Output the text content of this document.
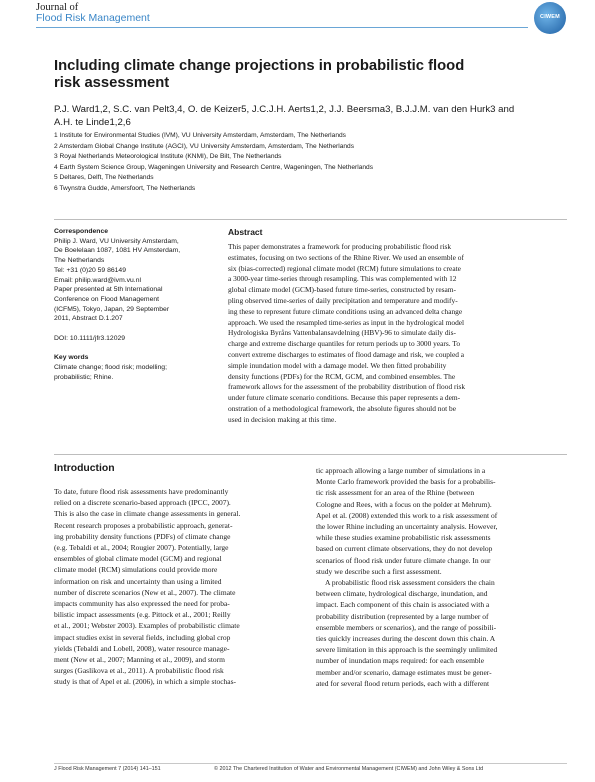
Journal of
Flood Risk Management	CIWEM
Including climate change projections in probabilistic flood
risk assessment
P.J. Ward1,2, S.C. van Pelt3,4, O. de Keizer5, J.C.J.H. Aerts1,2, J.J. Beersma3, B.J.J.M. van den Hurk3 and
A.H. te Linde1,2,6
1 Institute for Environmental Studies (IVM), VU University Amsterdam, Amsterdam, The Netherlands
2 Amsterdam Global Change Institute (AGCI), VU University Amsterdam, Amsterdam, The Netherlands
3 Royal Netherlands Meteorological Institute (KNMI), De Bilt, The Netherlands
4 Earth System Science Group, Wageningen University and Research Centre, Wageningen, The Netherlands
5 Deltares, Delft, The Netherlands
6 Twynstra Gudde, Amersfoort, The Netherlands
Correspondence
Philip J. Ward, VU University Amsterdam,
De Boelelaan 1087, 1081 HV Amsterdam,
The Netherlands
Tel: +31 (0)20 59 86149
Email: philip.ward@ivm.vu.nl
Paper presented at 5th International
Conference on Flood Management
(ICFM5), Tokyo, Japan, 29 September
2011, Abstract D.1.207
DOI: 10.1111/jfr3.12029
Key words
Climate change; flood risk; modelling;
probabilistic; Rhine.
Abstract
This paper demonstrates a framework for producing probabilistic flood risk
estimates, focusing on two sections of the Rhine River. We used an ensemble of
six (bias-corrected) regional climate model (RCM) future simulations to create
a 3000-year time-series through resampling. This was complemented with 12
global climate model (GCM)-based future time-series, constructed by resam-
pling observed time-series of daily precipitation and temperature and modify-
ing these to represent future climate conditions using an advanced delta change
approach. We used the resampled time-series as input in the hydrological model
Hydrologiska Byråns Vattenbalansavdelning (HBV)-96 to simulate daily dis-
charge and extreme discharge quantiles for return periods up to 3000 years. To
convert extreme discharges to estimates of flood damage and risk, we coupled a
simple inundation model with a damage model. We then fitted probability
density functions (PDFs) for the RCM, GCM, and combined ensembles. The
framework allows for the assessment of the probability distribution of flood risk
under future climate scenario conditions. Because this paper represents a dem-
onstration of a methodological framework, the absolute figures should not be
used in decision making at this time.
Introduction
To date, future flood risk assessments have predominantly
relied on a discrete scenario-based approach (IPCC, 2007).
This is also the case in climate change assessments in general.
Recent research proposes a probabilistic approach, generat-
ing probability density functions (PDFs) of climate change
(e.g. Tebaldi et al., 2004; Rougier 2007). Potentially, large
ensembles of global climate model (GCM) and regional
climate model (RCM) simulations could provide more
information on risk and uncertainty than using a limited
number of discrete scenarios (New et al., 2007). The climate
impacts community has also expressed the need for proba-
bilistic impact assessments (e.g. Pittock et al., 2001; Reilly
et al., 2001; Webster 2003). Examples of probabilistic climate
impact studies exist in several fields, including global crop
yields (Tebaldi and Lobell, 2008), water resource manage-
ment (New et al., 2007; Manning et al., 2009), and storm
surges (Gaslikova et al., 2011). A probabilistic flood risk
study is that of Apel et al. (2006), in which a simple stochas-
tic approach allowing a large number of simulations in a
Monte Carlo framework provided the basis for a probabilis-
tic risk assessment for an area of the Rhine (between
Cologne and Rees, with a focus on the polder at Mehrum).
Apel et al. (2008) extended this work to a risk assessment of
the lower Rhine including an uncertainty analysis. However,
while these studies examine probabilistic risk assessments
based on current climate observations, they do not develop
scenarios of flood risk under future climate change. In our
study we describe such a first assessment.
A probabilistic flood risk assessment considers the chain
between climate, hydrological discharge, inundation, and
impact. Each component of this chain is associated with a
probability distribution (represented by a large number of
ensemble members or scenarios), and the range of possibili-
ties quickly increases during the descent down this chain. A
severe limitation in this approach is the seemingly unlimited
number of inundation maps required: for each ensemble
member and/or scenario, damage estimates must be gener-
ated for several flood return periods, each with a different
J Flood Risk Management 7 (2014) 141–151	© 2012 The Chartered Institution of Water and Environmental Management (CIWEM) and John Wiley & Sons Ltd
